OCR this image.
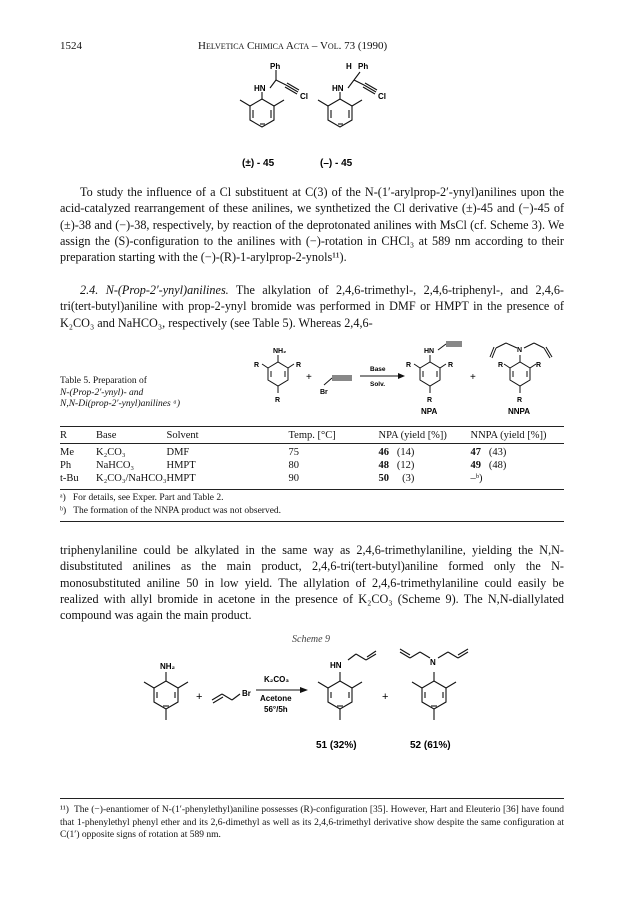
1524	Helvetica Chimica Acta – Vol. 73 (1990)
Ph
HN
Cl
H Ph
HN
Cl
(±) - 45	(–) - 45

To study the influence of a Cl substituent at C(3) of the N-(1′-arylprop-2′-ynyl)anilines upon the acid-catalyzed rearrangement of these anilines, we synthetized the Cl derivative (±)-45 and (−)-45 of (±)-38 and (−)-38, respectively, by reaction of the deprotonated anilines with MsCl (cf. Scheme 3). We assign the (S)-configuration to the anilines with (−)-rotation in CHCl₃ at 589 nm according to their preparation starting with the (−)-(R)-1-arylprop-2-ynols¹¹).

2.4. N-(Prop-2′-ynyl)anilines. The alkylation of 2,4,6-trimethyl-, 2,4,6-triphenyl-, and 2,4,6-tri(tert-butyl)aniline with prop-2-ynyl bromide was performed in DMF or HMPT in the presence of K₂CO₃ and NaHCO₃, respectively (see Table 5). Whereas 2,4,6-

Table 5. Preparation of
N-(Prop-2′-ynyl)- and
N,N-Di(prop-2′-ynyl)anilines ᵃ)
NH₂
R	R
R
+
Br
Base
Solv.
HN
R	R
R
NPA
+
N
R	R
R
NNPA
R	Base	Solvent	Temp. [°C]	NPA (yield [%])	NNPA (yield [%])
Me	K₂CO₃	DMF	75	46 (14)	47 (43)
Ph	NaHCO₃	HMPT	80	48 (12)	49 (48)
t-Bu	K₂CO₃/NaHCO₃	HMPT	90	50 (3)	–ᵇ)
ᵃ) For details, see Exper. Part and Table 2.
ᵇ) The formation of the NNPA product was not observed.

triphenylaniline could be alkylated in the same way as 2,4,6-trimethylaniline, yielding the N,N-disubstituted anilines as the main product, 2,4,6-tri(tert-butyl)aniline formed only the N-monosubstituted aniline 50 in low yield. The allylation of 2,4,6-trimethylaniline could easily be realized with allyl bromide in acetone in the presence of K₂CO₃ (Scheme 9). The N,N-diallylated compound was again the main product.

Scheme 9
NH₂
+	Br
K₂CO₃
Acetone
56°/5h
HN
+
N
51 (32%)	52 (61%)
¹¹) The (−)-enantiomer of N-(1′-phenylethyl)aniline possesses (R)-configuration [35]. However, Hart and Eleuterio [36] have found that 1-phenylethyl phenyl ether and its 2,6-dimethyl as well as its 2,4,6-trimethyl derivative show despite the same configuration at C(1′) opposite signs of rotation at 589 nm.
